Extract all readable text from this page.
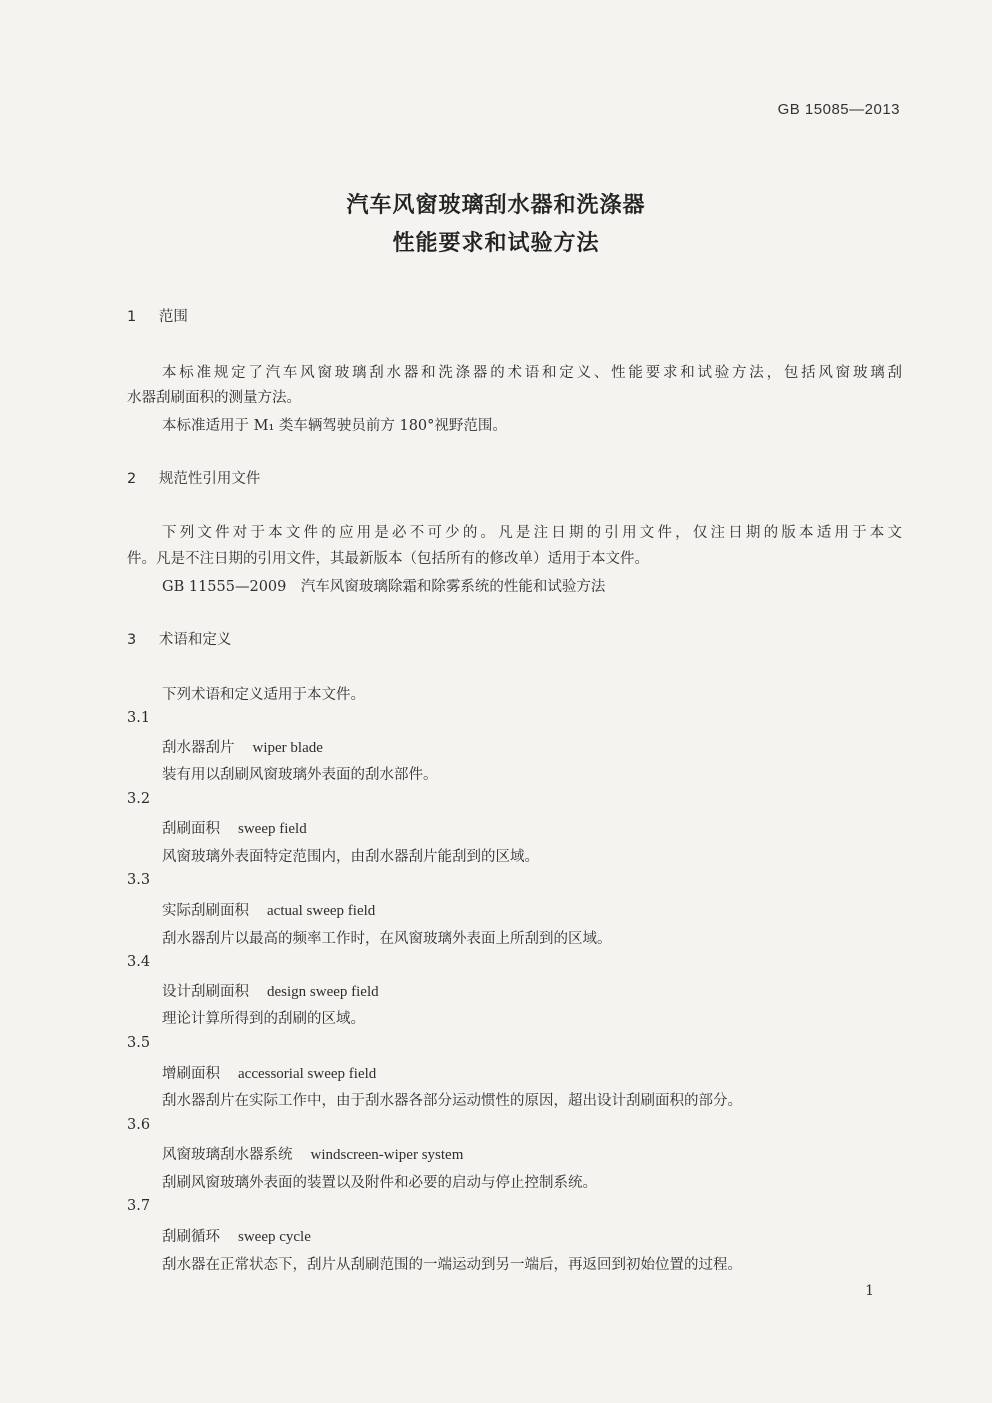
GB 15085—2013
汽车风窗玻璃刮水器和洗涤器
性能要求和试验方法
1 范围
本标准规定了汽车风窗玻璃刮水器和洗涤器的术语和定义、性能要求和试验方法，包括风窗玻璃刮
水器刮刷面积的测量方法。
本标准适用于 M₁ 类车辆驾驶员前方 180°视野范围。
2 规范性引用文件
下列文件对于本文件的应用是必不可少的。凡是注日期的引用文件，仅注日期的版本适用于本文
件。凡是不注日期的引用文件，其最新版本（包括所有的修改单）适用于本文件。
GB 11555—2009　汽车风窗玻璃除霜和除雾系统的性能和试验方法
3 术语和定义
下列术语和定义适用于本文件。
3.1
刮水器刮片 wiper blade
装有用以刮刷风窗玻璃外表面的刮水部件。
3.2
刮刷面积 sweep field
风窗玻璃外表面特定范围内，由刮水器刮片能刮到的区域。
3.3
实际刮刷面积 actual sweep field
刮水器刮片以最高的频率工作时，在风窗玻璃外表面上所刮到的区域。
3.4
设计刮刷面积 design sweep field
理论计算所得到的刮刷的区域。
3.5
增刷面积 accessorial sweep field
刮水器刮片在实际工作中，由于刮水器各部分运动惯性的原因，超出设计刮刷面积的部分。
3.6
风窗玻璃刮水器系统 windscreen-wiper system
刮刷风窗玻璃外表面的装置以及附件和必要的启动与停止控制系统。
3.7
刮刷循环 sweep cycle
刮水器在正常状态下，刮片从刮刷范围的一端运动到另一端后，再返回到初始位置的过程。
1
